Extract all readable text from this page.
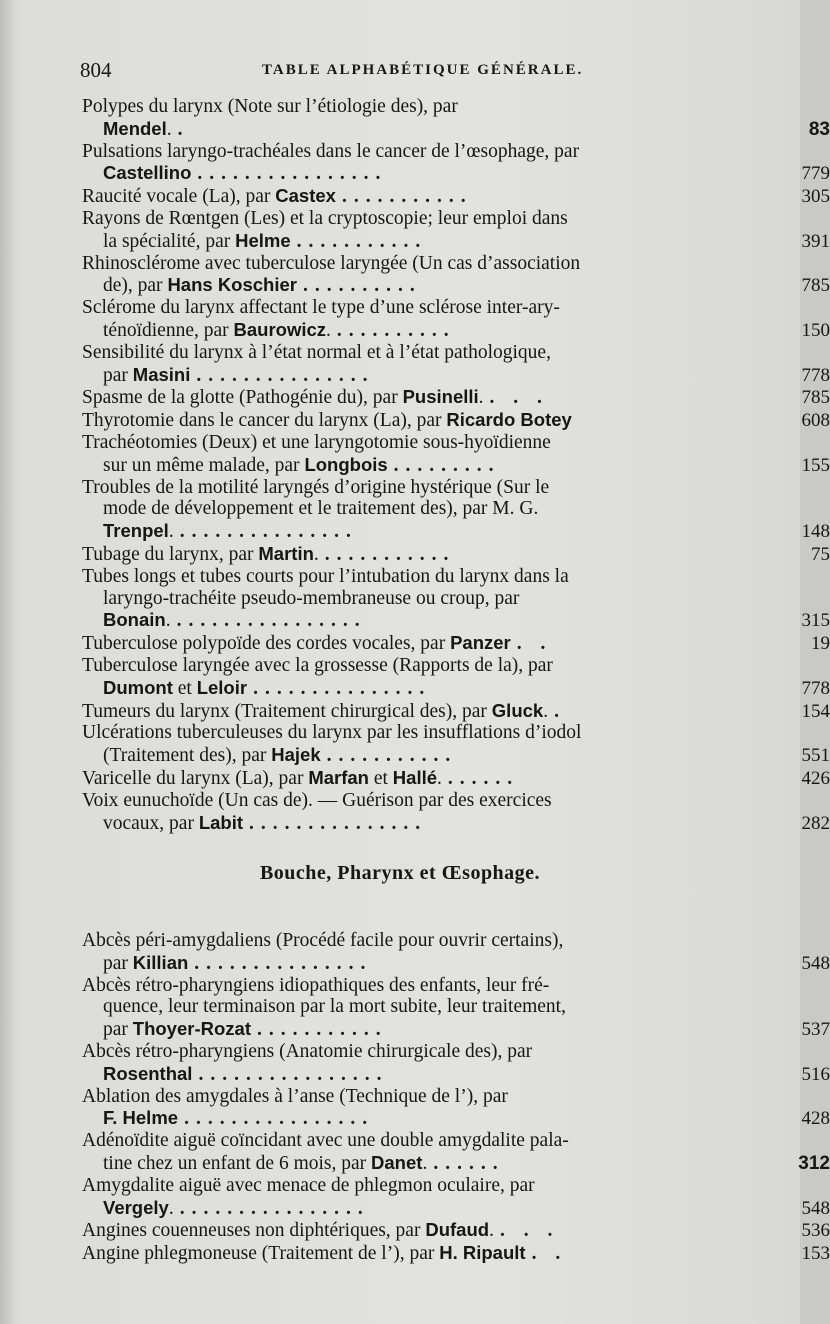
804	TABLE ALPHABÉTIQUE GÉNÉRALE.
Polypes du larynx (Note sur l’étiologie des), par
Mendel..	83
Pulsations laryngo-trachéales dans le cancer de l’œsophage, par
Castellino ................	779
Raucité vocale (La), par Castex ...........	305
Rayons de Rœntgen (Les) et la cryptoscopie; leur emploi dans
la spécialité, par Helme ...........	391
Rhinosclérome avec tuberculose laryngée (Un cas d’association
de), par Hans Koschier ..........	785
Sclérome du larynx affectant le type d’une sclérose inter-ary-
ténoïdienne, par Baurowicz. ..........	150
Sensibilité du larynx à l’état normal et à l’état pathologique,
par Masini ...............	778
Spasme de la glotte (Pathogénie du), par Pusinelli.. . .	785
Thyrotomie dans le cancer du larynx (La), par Ricardo Botey	608
Trachéotomies (Deux) et une laryngotomie sous-hyoïdienne
sur un même malade, par Longbois .........	155
Troubles de la motilité laryngés d’origine hystérique (Sur le
mode de développement et le traitement des), par M. G.
Trenpel. ...............	148
Tubage du larynx, par Martin. ...........	75
Tubes longs et tubes courts pour l’intubation du larynx dans la
laryngo-trachéite pseudo-membraneuse ou croup, par
Bonain. ................	315
Tuberculose polypoïde des cordes vocales, par Panzer. .	19
Tuberculose laryngée avec la grossesse (Rapports de la), par
Dumont et Leloir ...............	778
Tumeurs du larynx (Traitement chirurgical des), par Gluck..	154
Ulcérations tuberculeuses du larynx par les insufflations d’iodol
(Traitement des), par Hajek ...........	551
Varicelle du larynx (La), par Marfan et Hallé. ......	426
Voix eunuchoïde (Un cas de). — Guérison par des exercices
vocaux, par Labit ...............	282
Bouche, Pharynx et Œsophage.
Abcès péri-amygdaliens (Procédé facile pour ouvrir certains),
par Killian ...............	548
Abcès rétro-pharyngiens idiopathiques des enfants, leur fré-
quence, leur terminaison par la mort subite, leur traitement,
par Thoyer-Rozat ...........	537
Abcès rétro-pharyngiens (Anatomie chirurgicale des), par
Rosenthal ................	516
Ablation des amygdales à l’anse (Technique de l’), par
F. Helme ................	428
Adénoïdite aiguë coïncidant avec une double amygdalite pala-
tine chez un enfant de 6 mois, par Danet. ......	312
Amygdalite aiguë avec menace de phlegmon oculaire, par
Vergely. ................	548
Angines couenneuses non diphtériques, par Dufaud.. . .	536
Angine phlegmoneuse (Traitement de l’), par H. Ripault. .	153
